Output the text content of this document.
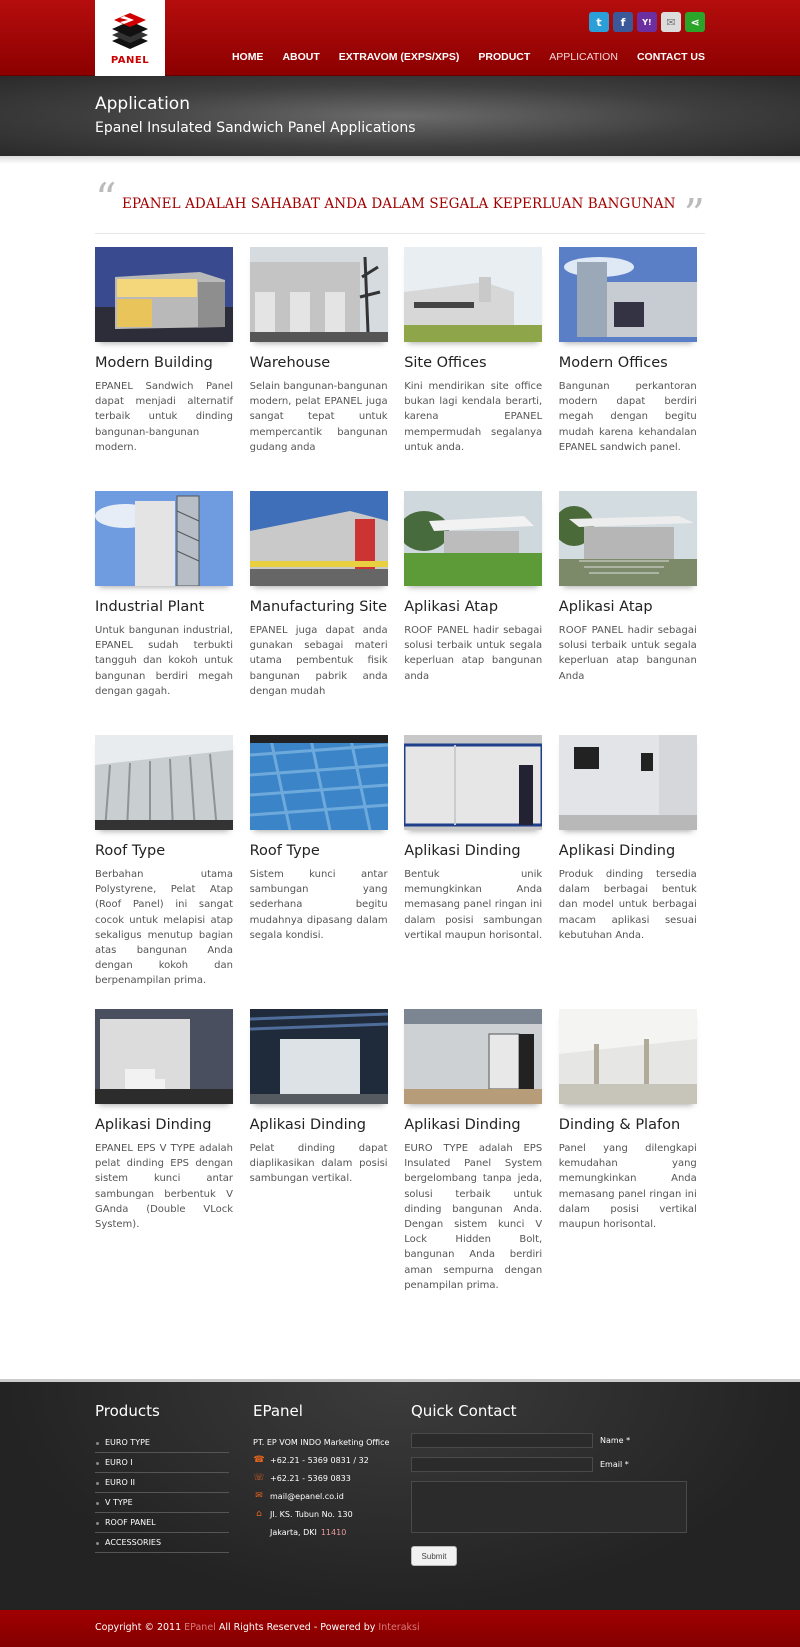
PANEL
t	f	Y!	✉	⋖
HOME ABOUT EXTRAVOM (EXPS/XPS) PRODUCT APPLICATION CONTACT US
Application
Epanel Insulated Sandwich Panel Applications
“ EPANEL ADALAH SAHABAT ANDA DALAM SEGALA KEPERLUAN BANGUNAN ”
Modern Building

EPANEL Sandwich Panel dapat menjadi alternatif terbaik untuk dinding bangunan-bangunan modern.

Warehouse

Selain bangunan-bangunan modern, pelat EPANEL juga sangat tepat untuk mempercantik bangunan gudang anda

Site Offices

Kini mendirikan site office bukan lagi kendala berarti, karena EPANEL mempermudah segalanya untuk anda.

Modern Offices

Bangunan perkantoran modern dapat berdiri megah dengan begitu mudah karena kehandalan EPANEL sandwich panel.

Industrial Plant

Untuk bangunan industrial, EPANEL sudah terbukti tangguh dan kokoh untuk bangunan berdiri megah dengan gagah.

Manufacturing Site

EPANEL juga dapat anda gunakan sebagai materi utama pembentuk fisik bangunan pabrik anda dengan mudah

Aplikasi Atap

ROOF PANEL hadir sebagai solusi terbaik untuk segala keperluan atap bangunan anda

Aplikasi Atap

ROOF PANEL hadir sebagai solusi terbaik untuk segala keperluan atap bangunan Anda

Roof Type

Berbahan utama Polystyrene, Pelat Atap (Roof Panel) ini sangat cocok untuk melapisi atap sekaligus menutup bagian atas bangunan Anda dengan kokoh dan berpenampilan prima.

Roof Type

Sistem kunci antar sambungan yang sederhana begitu mudahnya dipasang dalam segala kondisi.

Aplikasi Dinding

Bentuk unik memungkinkan Anda memasang panel ringan ini dalam posisi sambungan vertikal maupun horisontal.

Aplikasi Dinding

Produk dinding tersedia dalam berbagai bentuk dan model untuk berbagai macam aplikasi sesuai kebutuhan Anda.

Aplikasi Dinding

EPANEL EPS V TYPE adalah pelat dinding EPS dengan sistem kunci antar sambungan berbentuk V GAnda (Double VLock System).

Aplikasi Dinding

Pelat dinding dapat diaplikasikan dalam posisi sambungan vertikal.

Aplikasi Dinding

EURO TYPE adalah EPS Insulated Panel System bergelombang tanpa jeda, solusi terbaik untuk dinding bangunan Anda. Dengan sistem kunci V Lock Hidden Bolt, bangunan Anda berdiri aman sempurna dengan penampilan prima.

Dinding & Plafon

Panel yang dilengkapi kemudahan yang memungkinkan Anda memasang panel ringan ini dalam posisi vertikal maupun horisontal.

Products
EURO TYPE
EURO I
EURO II
V TYPE
ROOF PANEL
ACCESSORIES
EPanel
PT. EP VOM INDO Marketing Office
☎ +62.21 - 5369 0831 / 32
☏ +62.21 - 5369 0833
✉ mail@epanel.co.id
⌂	Jl. KS. Tubun No. 130
Jakarta, DKI 11410
Quick Contact
Name *
Email *
Submit

Copyright © 2011 EPanel All Rights Reserved - Powered by Interaksi
